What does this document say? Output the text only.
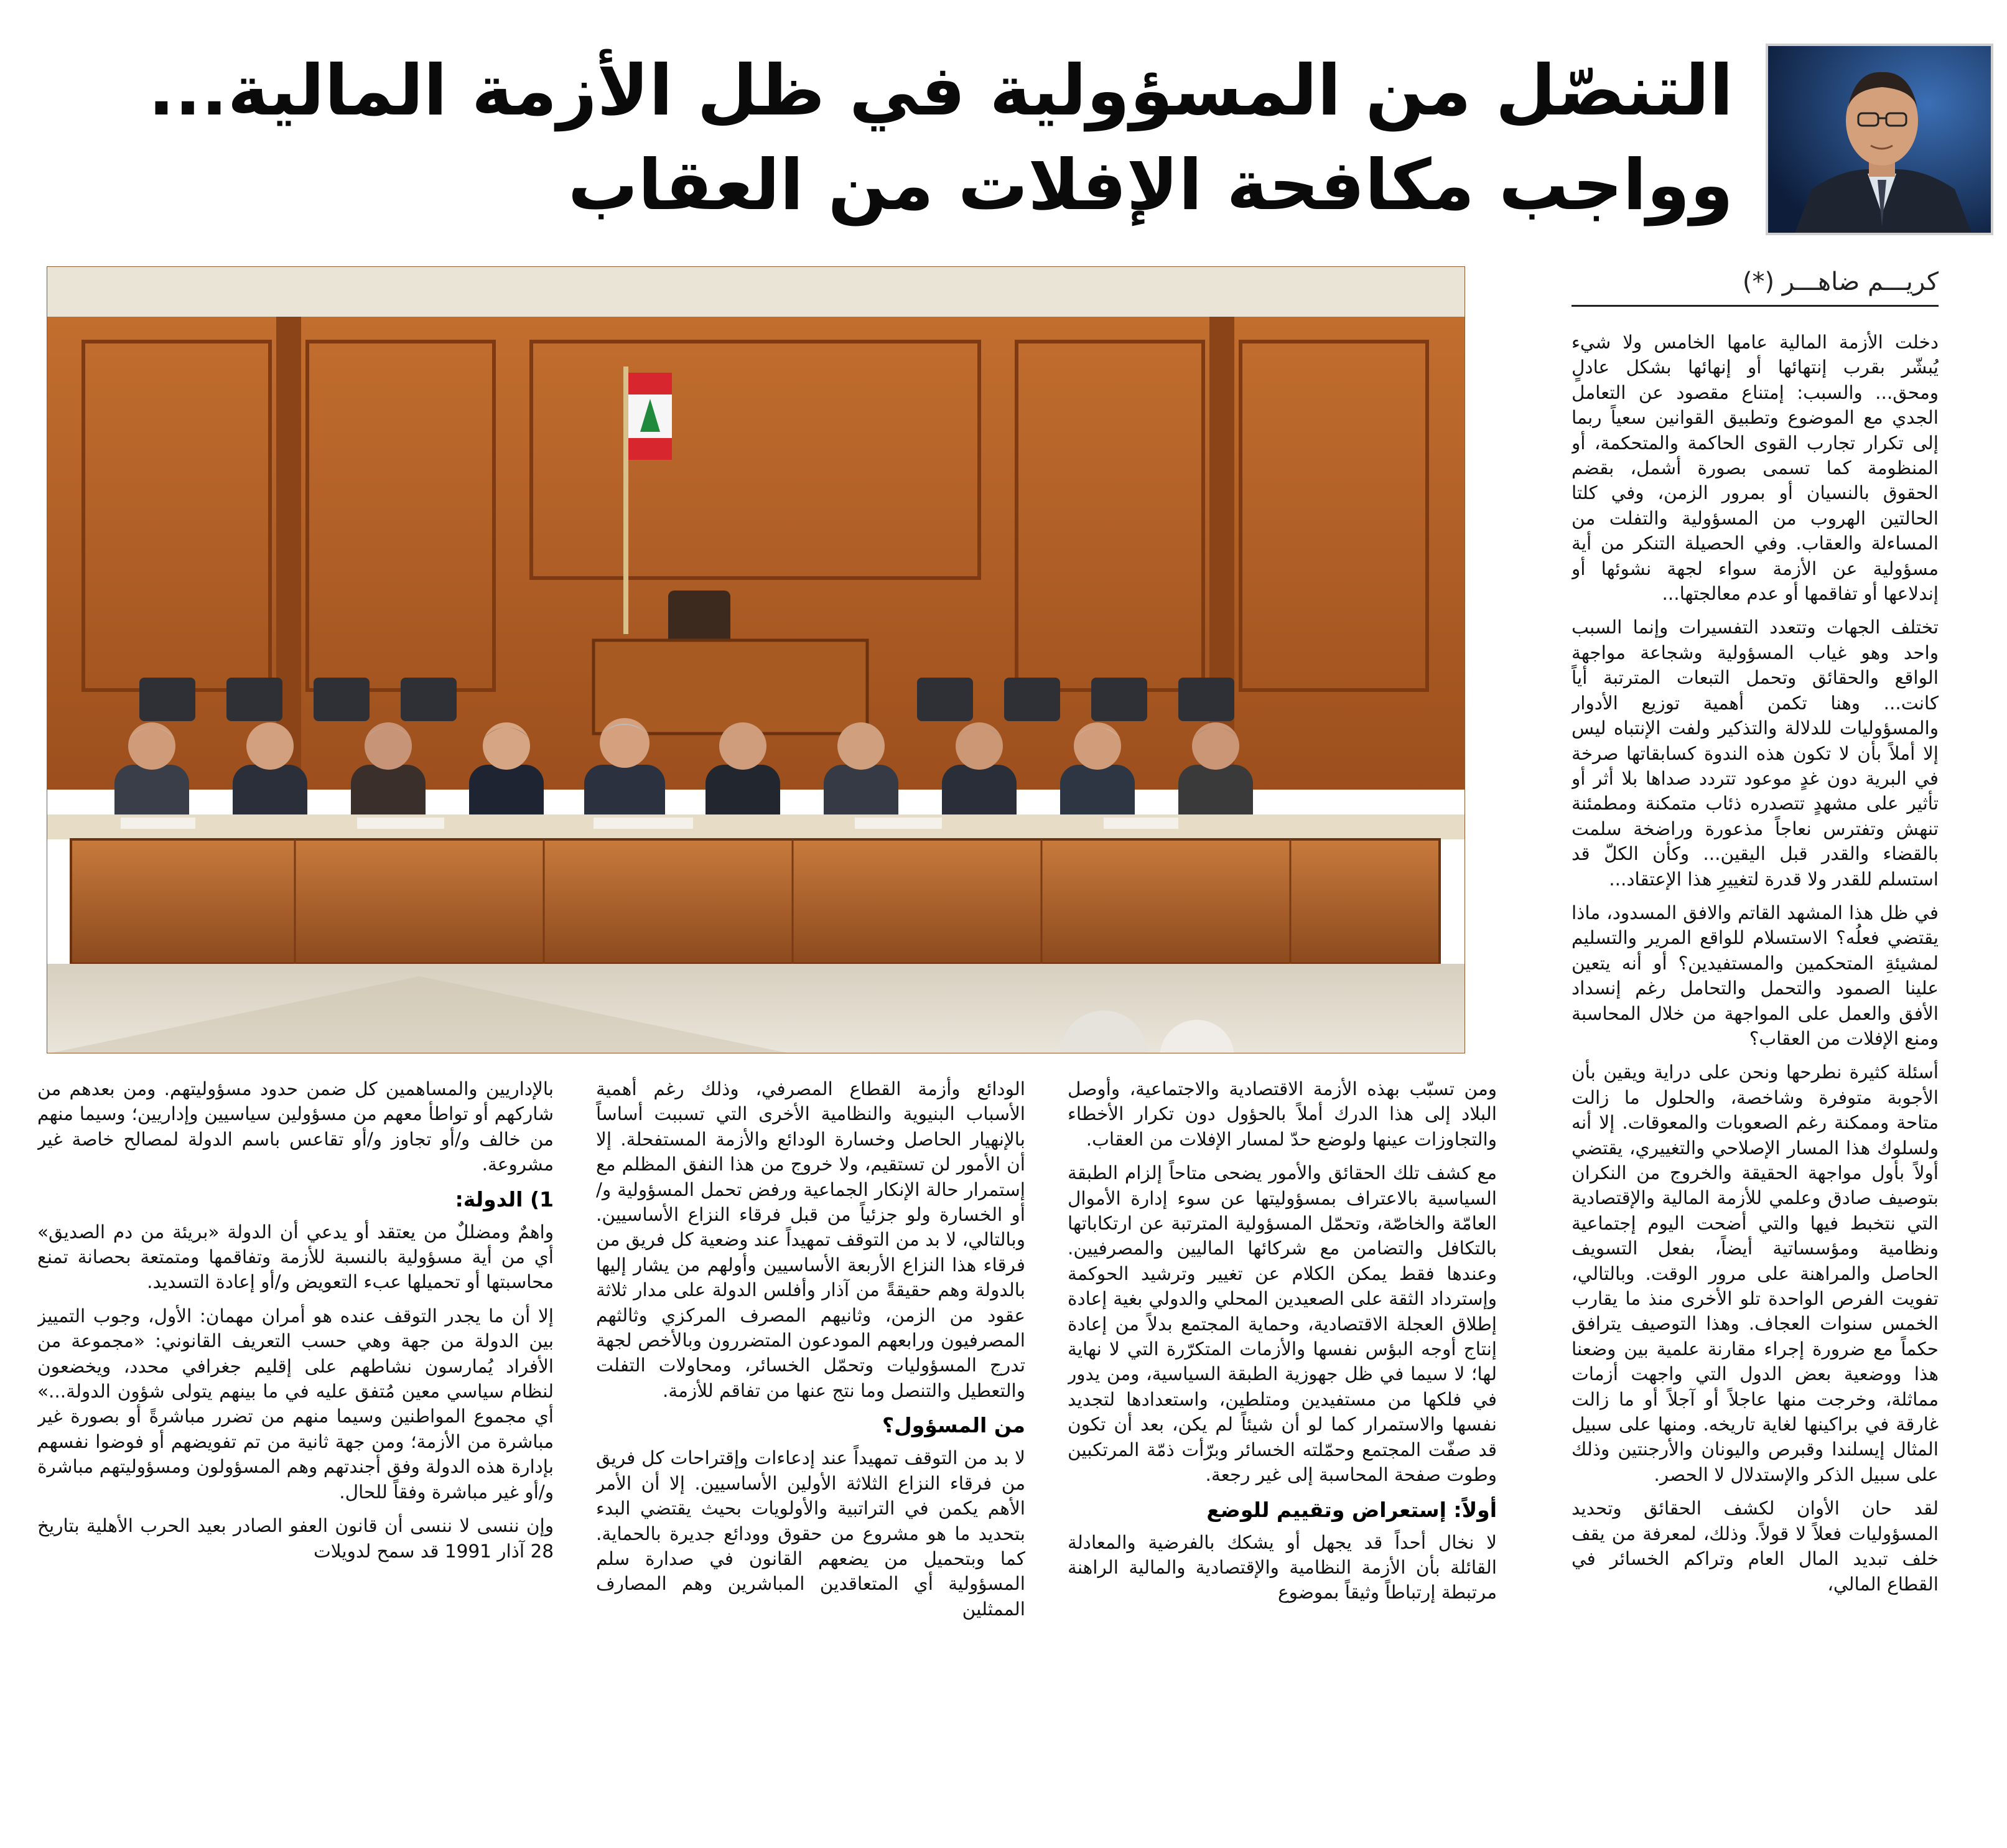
التنصّل من المسؤولية في ظل الأزمة المالية...
وواجب مكافحة الإفلات من العقاب
كريـــم ضاهـــر (*)

دخلت الأزمة المالية عامها الخامس ولا شيء يُبشّر بقرب إنتهائها أو إنهائها بشكل عادلٍ ومحق... والسبب: إمتناع مقصود عن التعامل الجدي مع الموضوع وتطبيق القوانين سعياً ربما إلى تكرار تجارب القوى الحاكمة والمتحكمة، أو المنظومة كما تسمى بصورة أشمل، بقضم الحقوق بالنسيان أو بمرور الزمن، وفي كلتا الحالتين الهروب من المسؤولية والتفلت من المساءلة والعقاب. وفي الحصيلة التنكر من أية مسؤولية عن الأزمة سواء لجهة نشوئها أو إندلاعها أو تفاقمها أو عدم معالجتها...

تختلف الجهات وتتعدد التفسيرات وإنما السبب واحد وهو غياب المسؤولية وشجاعة مواجهة الواقع والحقائق وتحمل التبعات المترتبة أياً كانت... وهنا تكمن أهمية توزيع الأدوار والمسؤوليات للدلالة والتذكير ولفت الإنتباه ليس إلا أملاً بأن لا تكون هذه الندوة كسابقاتها صرخة في البرية دون غدٍ موعود تتردد صداها بلا أثر أو تأثير على مشهدٍ تتصدره ذئاب متمكنة ومطمئنة تنهش وتفترس نعاجاً مذعورة وراضخة سلمت بالقضاء والقدر قبل اليقين... وكأن الكلّ قد استسلم للقدر ولا قدرة لتغييرِ هذا الإعتقاد...

في ظل هذا المشهد القاتم والافق المسدود، ماذا يقتضي فعلُه؟ الاستسلام للواقع المرير والتسليم لمشيئةِ المتحكمين والمستفيدين؟ أو أنه يتعين علينا الصمود والتحمل والتحامل رغم إنسداد الأفق والعمل على المواجهة من خلال المحاسبة ومنع الإفلات من العقاب؟

أسئلة كثيرة نطرحها ونحن على دراية ويقين بأن الأجوبة متوفرة وشاخصة، والحلول ما زالت متاحة وممكنة رغم الصعوبات والمعوقات. إلا أنه ولسلوك هذا المسار الإصلاحي والتغييري، يقتضي أولاً بأول مواجهة الحقيقة والخروج من النكران بتوصيف صادق وعلمي للأزمة المالية والإقتصادية التي نتخبط فيها والتي أضحت اليوم إجتماعية ونظامية ومؤسساتية أيضاً، بفعل التسويف الحاصل والمراهنة على مرور الوقت. وبالتالي، تفويت الفرص الواحدة تلو الأخرى منذ ما يقارب الخمس سنوات العجاف. وهذا التوصيف يترافق حكماً مع ضرورة إجراء مقارنة علمية بين وضعنا هذا ووضعية بعض الدول التي واجهت أزمات مماثلة، وخرجت منها عاجلاً أو آجلاً أو ما زالت غارقة في براكينها لغاية تاريخه. ومنها على سبيل المثال إيسلندا وقبرص واليونان والأرجنتين وذلك على سبيل الذكر والإستدلال لا الحصر.

لقد حان الأوان لكشف الحقائق وتحديد المسؤوليات فعلاً لا قولاً. وذلك، لمعرفة من يقف خلف تبديد المال العام وتراكم الخسائر في القطاع المالي،

ومن تسبّب بهذه الأزمة الاقتصادية والاجتماعية، وأوصل البلاد إلى هذا الدرك أملاً بالحؤول دون تكرار الأخطاء والتجاوزات عينها ولوضع حدّ لمسار الإفلات من العقاب.

مع كشف تلك الحقائق والأمور يضحى متاحاً إلزام الطبقة السياسية بالاعتراف بمسؤوليتها عن سوء إدارة الأموال العامّة والخاصّة، وتحمّل المسؤولية المترتبة عن ارتكاباتها بالتكافل والتضامن مع شركائها الماليين والمصرفيين. وعندها فقط يمكن الكلام عن تغيير وترشيد الحوكمة وإسترداد الثقة على الصعيدين المحلي والدولي بغية إعادة إطلاق العجلة الاقتصادية، وحماية المجتمع بدلاً من إعادة إنتاج أوجه البؤس نفسها والأزمات المتكرّرة التي لا نهاية لها؛ لا سيما في ظل جهوزية الطبقة السياسية، ومن يدور في فلكها من مستفيدين ومتلطين، واستعدادها لتجديد نفسها والاستمرار كما لو أن شيئاً لم يكن، بعد أن تكون قد صفّت المجتمع وحمّلته الخسائر وبرّأت ذمّة المرتكبين وطوت صفحة المحاسبة إلى غير رجعة.

أولاً: إستعراض وتقييم للوضع

لا نخال أحداً قد يجهل أو يشكك بالفرضية والمعادلة القائلة بأن الأزمة النظامية والإقتصادية والمالية الراهنة مرتبطة إرتباطاً وثيقاً بموضوع

الودائع وأزمة القطاع المصرفي، وذلك رغم أهمية الأسباب البنيوية والنظامية الأخرى التي تسببت أساساً بالإنهيار الحاصل وخسارة الودائع والأزمة المستفحلة. إلا أن الأمور لن تستقيم، ولا خروج من هذا النفق المظلم مع إستمرار حالة الإنكار الجماعية ورفض تحمل المسؤولية و/أو الخسارة ولو جزئياً من قبل فرقاء النزاع الأساسيين. وبالتالي، لا بد من التوقف تمهيداً عند وضعية كل فريق من فرقاء هذا النزاع الأربعة الأساسيين وأولهم من يشار إليها بالدولة وهم حقيقةً من آذار وأفلس الدولة على مدار ثلاثة عقود من الزمن، وثانيهم المصرف المركزي وثالثهم المصرفيون ورابعهم المودعون المتضررون وبالأخص لجهة تدرج المسؤوليات وتحمّل الخسائر، ومحاولات التفلت والتعطيل والتنصل وما نتج عنها من تفاقم للأزمة.

من المسؤول؟

لا بد من التوقف تمهيداً عند إدعاءات وإقتراحات كل فريق من فرقاء النزاع الثلاثة الأولين الأساسيين. إلا أن الأمر الأهم يكمن في التراتبية والأولويات بحيث يقتضي البدء بتحديد ما هو مشروع من حقوق وودائع جديرة بالحماية. كما وبتحميل من يضعهم القانون في صدارة سلم المسؤولية أي المتعاقدين المباشرين وهم المصارف الممثلين

بالإداريين والمساهمين كل ضمن حدود مسؤوليتهم. ومن بعدهم من شاركهم أو تواطأ معهم من مسؤولين سياسيين وإداريين؛ وسيما منهم من خالف و/أو تجاوز و/أو تقاعس باسم الدولة لمصالح خاصة غير مشروعة.

1) الدولة:

واهمٌ ومضللٌ من يعتقد أو يدعي أن الدولة «بريئة من دم الصديق» أي من أية مسؤولية بالنسبة للأزمة وتفاقمها ومتمتعة بحصانة تمنع محاسبتها أو تحميلها عبء التعويض و/أو إعادة التسديد.

إلا أن ما يجدر التوقف عنده هو أمران مهمان: الأول، وجوب التمييز بين الدولة من جهة وهي حسب التعريف القانوني: «مجموعة من الأفراد يُمارسون نشاطهم على إقليم جغرافي محدد، ويخضعون لنظام سياسي معين مُتفق عليه في ما بينهم يتولى شؤون الدولة...» أي مجموع المواطنين وسيما منهم من تضرر مباشرةً أو بصورة غير مباشرة من الأزمة؛ ومن جهة ثانية من تم تفويضهم أو فوضوا نفسهم بإدارة هذه الدولة وفق أجندتهم وهم المسؤولون ومسؤوليتهم مباشرة و/أو غير مباشرة وفقاً للحال.

وإن ننسى لا ننسى أن قانون العفو الصادر بعيد الحرب الأهلية بتاريخ 28 آذار 1991 قد سمح لدويلات
